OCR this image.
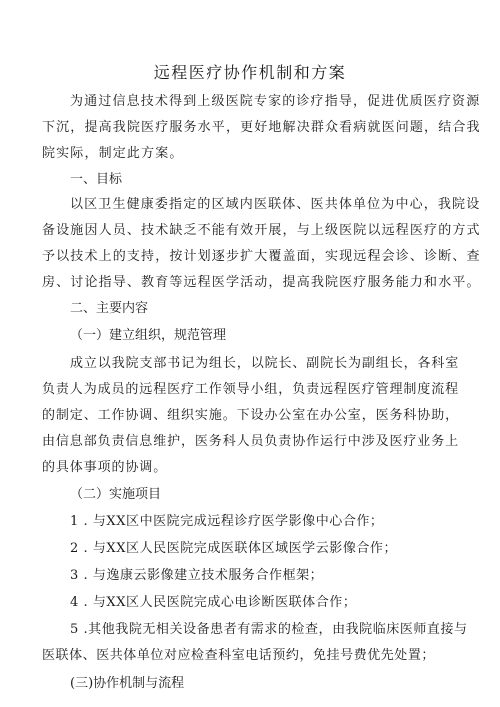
远程医疗协作机制和方案
为通过信息技术得到上级医院专家的诊疗指导，促进优质医疗资源
下沉，提高我院医疗服务水平，更好地解决群众看病就医问题，结合我
院实际，制定此方案。
一、目标
以区卫生健康委指定的区域内医联体、医共体单位为中心，我院设
备设施因人员、技术缺乏不能有效开展，与上级医院以远程医疗的方式
予以技术上的支持，按计划逐步扩大覆盖面，实现远程会诊、诊断、查
房、讨论指导、教育等远程医学活动，提高我院医疗服务能力和水平。
二、主要内容
（一）建立组织，规范管理
成立以我院支部书记为组长，以院长、副院长为副组长，各科室
负责人为成员的远程医疗工作领导小组，负责远程医疗管理制度流程
的制定、工作协调、组织实施。下设办公室在办公室，医务科协助，
由信息部负责信息维护，医务科人员负责协作运行中涉及医疗业务上
的具体事项的协调。
（二）实施项目
1 . 与XX区中医院完成远程诊疗医学影像中心合作；
2 . 与XX区人民医院完成医联体区域医学云影像合作；
3 . 与逸康云影像建立技术服务合作框架；
4 . 与XX区人民医院完成心电诊断医联体合作；
5 .其他我院无相关设备患者有需求的检查，由我院临床医师直接与
医联体、医共体单位对应检查科室电话预约，免挂号费优先处置；
(三)协作机制与流程
